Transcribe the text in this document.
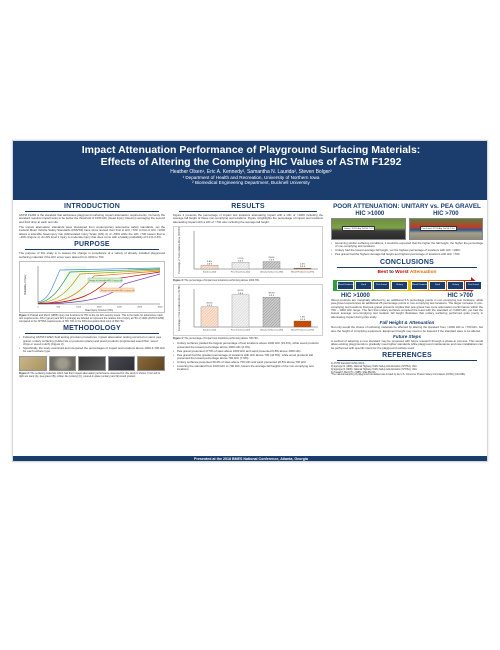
Impact Attenuation Performance of Playground Surfacing Materials:
Effects of Altering the Complying HIC Values of ASTM F1292
Heather Olsen¹, Eric A. Kennedy², Samantha N. Laurida², Steven Bolger²
¹ Department of Health and Recreation, University of Northern Iowa
² Biomedical Engineering Department, Bucknell University
INTRODUCTION

ASTM F1292 is the standard that addresses playground surfacing impact attenuation requirements. Currently the standard requires impact tests to be below the threshold of 1000 HIC (Head Injury Criterion) averaging the second and third drop at each test site.

The impact attenuation standards were developed from contemporary automotive safety standards, set the Federal Motor Vehicle Safety Standards (FMVSS) have since revised their limit to HIC <700. A limit of HIC <1000 allows a tolerable head injury risk (Abbreviated Injury Scale (AIS) 2) of ~59% while the HIC <700 lowers that to ~40% (Figure 1). An AIS level 2 injury is moderate injury that does come with a fatality probability of 0.1%-0.4%.

PURPOSE
The purpose of this study is to assess the change in compliance of a variety of already installed playground surfacing materials if the HIC score were altered from 1000 to 700.
Range of tolerable AIS 2 injury risk
Range of tolerable AIS 4 injury risk
0	500	1000	1500	2000	2500	3000
Head Injury Criterion (HIC)
Probability of Injury
Figure 1: Prasad and Mertz (1985) injury risk functions for HIC at the six AIS severity levels. This is the basis for automotive crash test requirements. AIS 2 (green) and AIS 4 (orange) are labeled to represent the relative risk of injury at HIC of 1000 (ASTM F1292) compared to the NHTSA requirements of HIC 700 or the 36% Acceptable Risk Limit of 560 HIC.
METHODOLOGY
• Following ASTM F1292¹ field testing provision procedures, impact attenuation testing occurred on sand, pea gravel, unitary surfacing (rubber tile or poured-in-place) and wood products (engineered wood fiber, wood chips or wood mulch) (Figure 2).
• Specifically, the study examined and compared the percentages of impact test locations above 1000 & 700 HIC for each surface type.
Figure 2: The surfacing materials which had their impact attenuation performance assessed for this study is shown. From left to right are sand (A), pea gravel (B), rubber tile (unitary) (C), poured-in-place (unitary) and (E) wood product.
RESULTS
Figure 3 presents the percentage of impact test locations attenuating impact with a HIC of >1000 including the average fall height of these non-complying test locations. Figure 4 highlights the percentage of impact test locations attenuating impact with a HIC of >700 also including the average fall height.
Percentage of Test Locations Above 1000 HIC	9.8%
4.6 ft
Sand (n=102)
17.5%
6.4 ft
Pea Gravel (n=120)
19.6%
7.0 ft
Unitary Surface (n=163)
2.4%
5.9 ft
Wood Products (n=375)
Figure 3: The percentage of impact test locations performing above 1000 HIC.
Percentage of Test Locations Above 700 HIC	26.5%
4.2 ft
Sand (n=102)
42.5%
5.8 ft
Pea Gravel (n=120)
39.3%
6.3 ft
Unitary Surface (n=163)
7.9%
5.1 ft
Wood Products (n=375)
Figure 4: The percentage of impact test locations performing above 700 HIC.
• Unitary surfaces yielded the largest percentage of test locations above 1000 HIC (19.6%), while wood products presented the lowest percentage above 1000 HIC (2.4%).
• Pea gravel presented 17.5% of sites above 1000 HIC and sand presented 9.8% above 1000 HIC.
• Pea gravel had the greatest percentage of locations with HIC above 700 (42.5%), while wood products still presented the lowest percentage above 700 HIC (7.9%).
• Unitary surfaces presented 39.3% of sites above 700 HIC and sand presented 26.5% above 700 HIC.
• Lowering the standard from 1000 HIC to 700 HIC, lowers the average fall heights of the non-complying test locations.
POOR ATTENUATION: UNITARY vs. PEA GRAVEL
HIC >1000	HIC >700
Unitary: 19.6% Avg. Fall Ht: 7.0 ft	Pea Gravel: 42.5% Avg. Fall Ht: 5.8 ft
• Assuming similar surfacing conditions, it would be expected that the higher the fall height, the higher the percentage of non-complying test locations.
• Unitary had the lowest average fall height, yet the highest percentage of locations with HIC >1000.
• Pea gravel had the highest average fall height and highest percentage of locations with HIC >700.
CONCLUSIONS
Best to Worst Attenuation
Wood Products	Sand	Pea Gravel	Unitary	Wood Products	Sand	Unitary	Pea Gravel
HIC >1000	HIC >700
Wood products are marginally affected by an additional 5.5 percentage points in non-complying test locations, while pea gravel experiences an additional 25 percentage points in non-complying test locations. The larger increase in non-complying test locations that pea gravel presents implies that pea gravel has more attenuation performance within the 700 – 1000 HIC range. The fact that unitary surfaces complied the least with the standard of <1000 HIC, yet had the lowest average non-complying test location fall height illustrates that unitary surfacing performed quite poorly in attenuating impact during this study.
Fall Height & Attenuation
Not only would the choice of surfacing materials be affected by altering the standard from <1000 HIC to <700 HIC, but also the height of complying equipment. Equipment height may need to be lowered if the standard were to be altered.
Future Steps
A method of adopting a new standard may be proposed with future research through a phase-in process. This would allow existing playgrounds to gradually meet tighter standards while playground maintenance and new installations can be performed with specific intent for the playground surface used.
REFERENCES
1) ASTM Standard F1292 (2013).
2) Eppinger R (1999). National Highway Traffic Safety Administration (NHTSA), USA.
3) Eppinger R (2000). National Highway Traffic Safety Administration (NHTSA), USA.
4) Prasad P, Mertz HJ. (1985). SAE 851246.
*The national sampling of playground fall dataset was funded by the U.S. Consumer Product Safety Commission (CPSC) (CD-0391).
Presented at the 2018 BMES National Conference, Atlanta, Georgia
